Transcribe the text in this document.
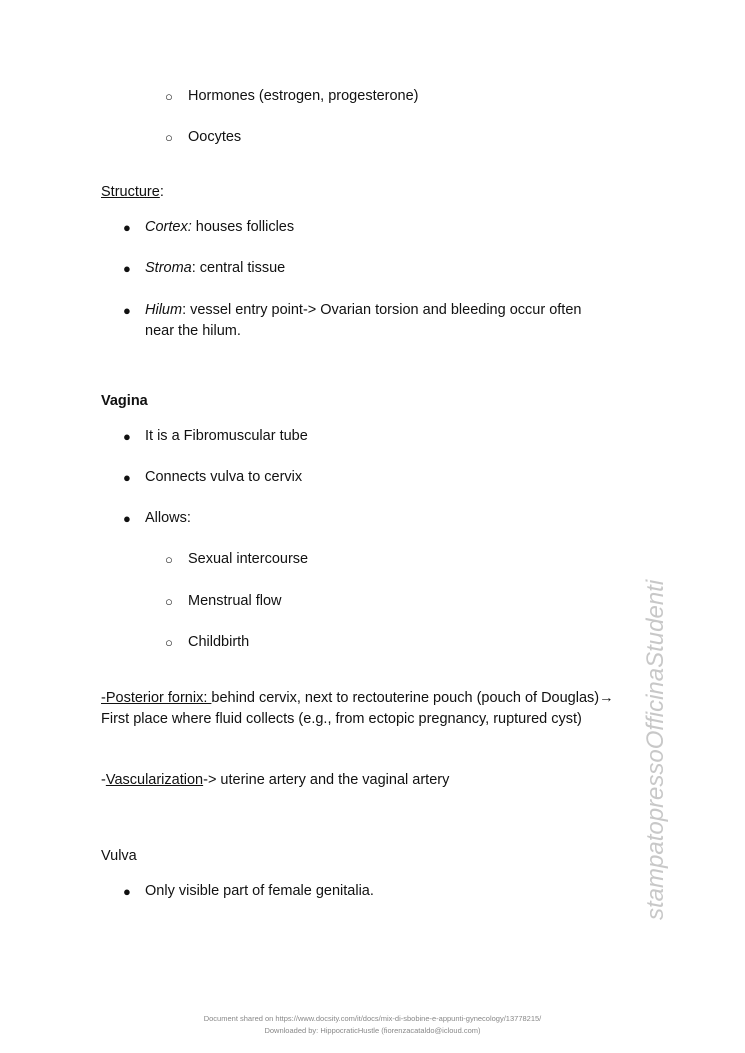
○ Hormones (estrogen, progesterone)
○ Oocytes
Structure:
● Cortex: houses follicles
● Stroma: central tissue
● Hilum: vessel entry point-> Ovarian torsion and bleeding occur often
near the hilum.
Vagina
● It is a Fibromuscular tube
● Connects vulva to cervix
● Allows:
○ Sexual intercourse
○ Menstrual flow
○ Childbirth
-Posterior fornix: behind cervix, next to rectouterine pouch (pouch of Douglas)→ First place where fluid collects (e.g., from ectopic pregnancy, ruptured cyst)
-Vascularization-> uterine artery and the vaginal artery
Vulva
● Only visible part of female genitalia.	stampatopressoOfficinaStudenti
Document shared on https://www.docsity.com/it/docs/mix-di-sbobine-e-appunti-gynecology/13778215/
Downloaded by: HippocraticHustle (fiorenzacataldo@icloud.com)
